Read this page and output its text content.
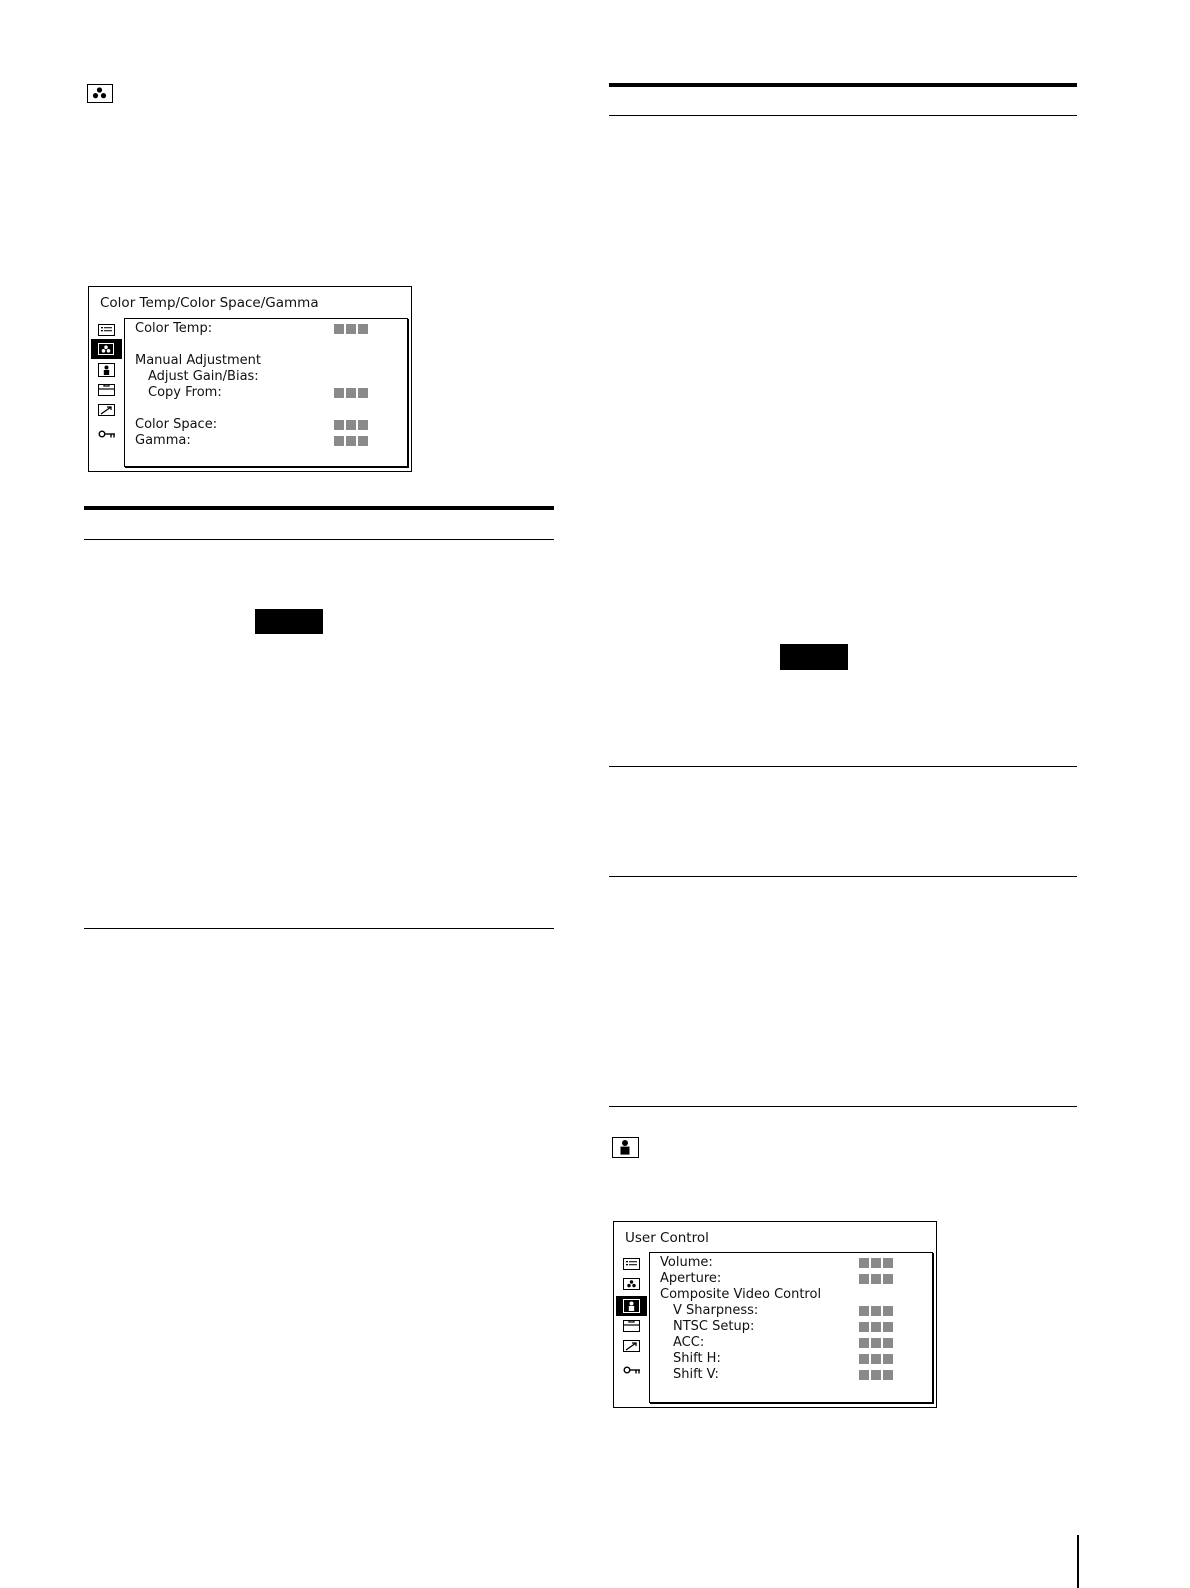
Color Temp/Color Space/Gamma
Color Temp:
Manual Adjustment
Adjust Gain/Bias:
Copy From:
Color Space:
Gamma:
User Control
Volume:
Aperture:
Composite Video Control
V Sharpness:
NTSC Setup:
ACC:
Shift H:
Shift V:
